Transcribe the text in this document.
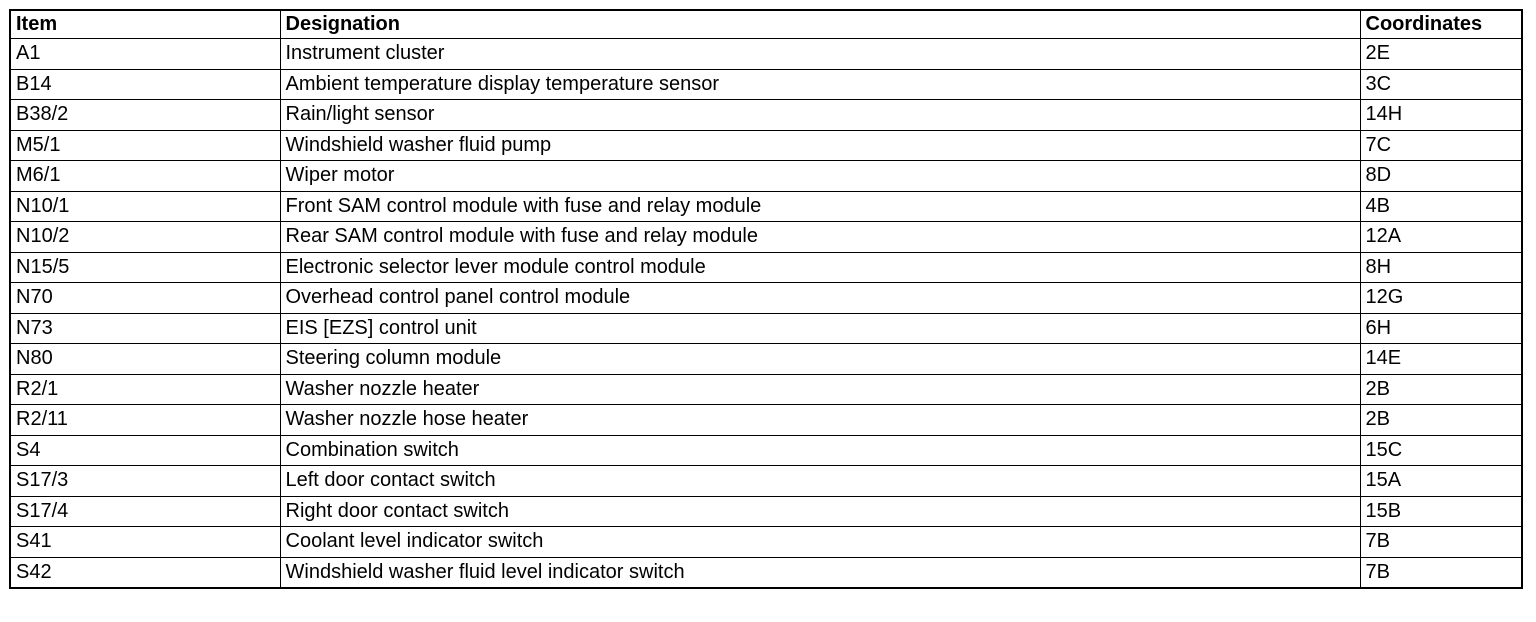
Item	Designation	Coordinates
A1	Instrument cluster	2E
B14	Ambient temperature display temperature sensor	3C
B38/2	Rain/light sensor	14H
M5/1	Windshield washer fluid pump	7C
M6/1	Wiper motor	8D
N10/1	Front SAM control module with fuse and relay module	4B
N10/2	Rear SAM control module with fuse and relay module	12A
N15/5	Electronic selector lever module control module	8H
N70	Overhead control panel control module	12G
N73	EIS [EZS] control unit	6H
N80	Steering column module	14E
R2/1	Washer nozzle heater	2B
R2/11	Washer nozzle hose heater	2B
S4	Combination switch	15C
S17/3	Left door contact switch	15A
S17/4	Right door contact switch	15B
S41	Coolant level indicator switch	7B
S42	Windshield washer fluid level indicator switch	7B
